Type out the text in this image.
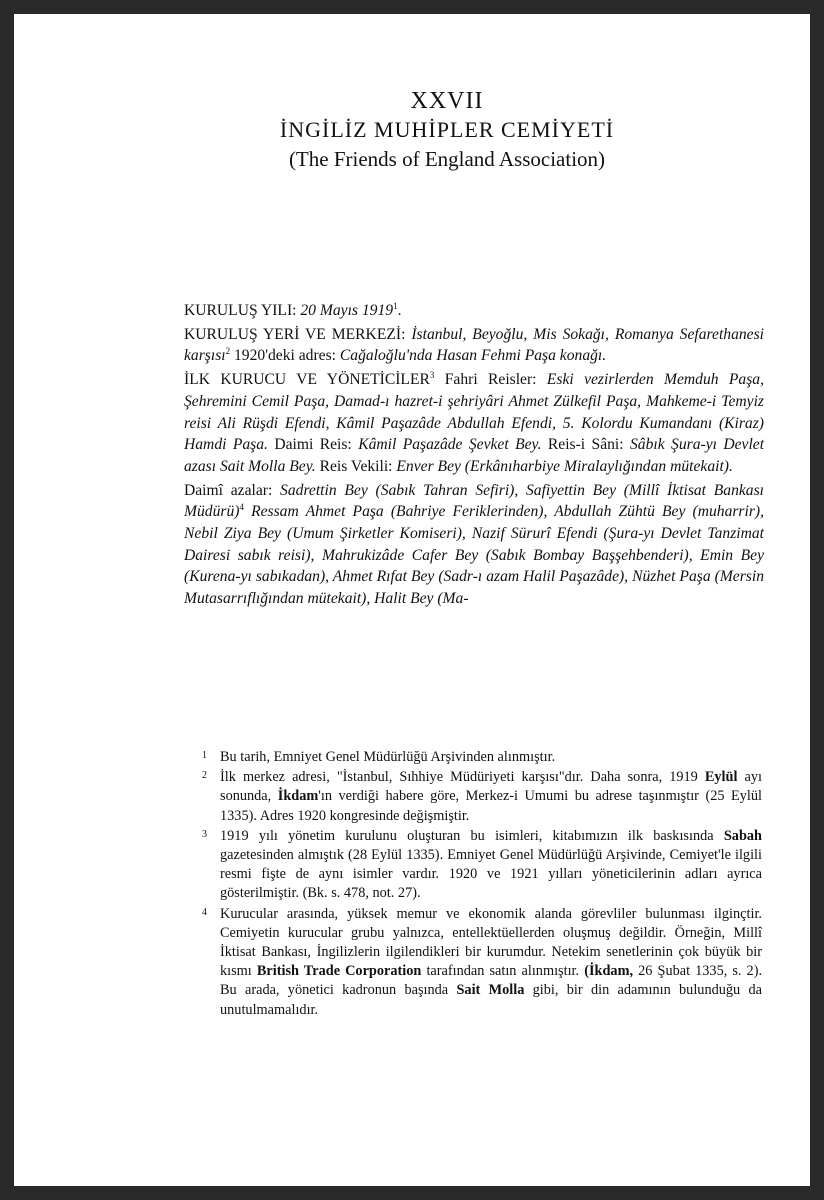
XXVII
İNGİLİZ MUHİPLER CEMİYETİ
(The Friends of England Association)

KURULUŞ YILI: 20 Mayıs 1919$^1$.

KURULUŞ YERİ VE MERKEZİ: İstanbul, Beyoğlu, Mis Sokağı, Romanya Sefarethanesi karşısı$^2$ 1920'deki adres: Cağaloğlu'nda Hasan Fehmi Paşa konağı.

İLK KURUCU VE YÖNETİCİLER$^3$ Fahri Reisler: Eski vezirlerden Memduh Paşa, Şehremini Cemil Paşa, Damad-ı hazret-i şehriyâri Ahmet Zülkefil Paşa, Mahkeme-i Temyiz reisi Ali Rüşdi Efendi, Kâmil Paşazâde Abdullah Efendi, 5. Kolordu Kumandanı (Kiraz) Hamdi Paşa. Daimi Reis: Kâmil Paşazâde Şevket Bey. Reis-i Sâni: Sâbık Şura-yı Devlet azası Sait Molla Bey. Reis Vekili: Enver Bey (Erkânıharbiye Miralaylığından mütekait).

Daimî azalar: Sadrettin Bey (Sabık Tahran Sefiri), Safiyettin Bey (Millî İktisat Bankası Müdürü)$^4$ Ressam Ahmet Paşa (Bahriye Feriklerinden), Abdullah Zühtü Bey (muharrir), Nebil Ziya Bey (Umum Şirketler Komiseri), Nazif Sürurî Efendi (Şura-yı Devlet Tanzimat Dairesi sabık reisi), Mahrukizâde Cafer Bey (Sabık Bombay Başşehbenderi), Emin Bey (Kurena-yı sabıkadan), Ahmet Rıfat Bey (Sadr-ı azam Halil Paşazâde), Nüzhet Paşa (Mersin Mutasarrıflığından mütekait), Halit Bey (Ma-

1 Bu tarih, Emniyet Genel Müdürlüğü Arşivinden alınmıştır.
2 İlk merkez adresi, "İstanbul, Sıhhiye Müdüriyeti karşısı"dır. Daha sonra, 1919 Eylül ayı sonunda, İkdam'ın verdiği habere göre, Merkez-i Umumi bu adrese taşınmıştır (25 Eylül 1335). Adres 1920 kongresinde değişmiştir.
3 1919 yılı yönetim kurulunu oluşturan bu isimleri, kitabımızın ilk baskısında Sabah gazetesinden almıştık (28 Eylül 1335). Emniyet Genel Müdürlüğü Arşivinde, Cemiyet'le ilgili resmi fişte de aynı isimler vardır. 1920 ve 1921 yılları yöneticilerinin adları ayrıca gösterilmiştir. (Bk. s. 478, not. 27).
4 Kurucular arasında, yüksek memur ve ekonomik alanda görevliler bulunması ilginçtir. Cemiyetin kurucular grubu yalnızca, entellektüellerden oluşmuş değildir. Örneğin, Millî İktisat Bankası, İngilizlerin ilgilendikleri bir kurumdur. Netekim senetlerinin çok büyük bir kısmı British Trade Corporation tarafından satın alınmıştır. (İkdam, 26 Şubat 1335, s. 2). Bu arada, yönetici kadronun başında Sait Molla gibi, bir din adamının bulunduğu da unutulmamalıdır.
